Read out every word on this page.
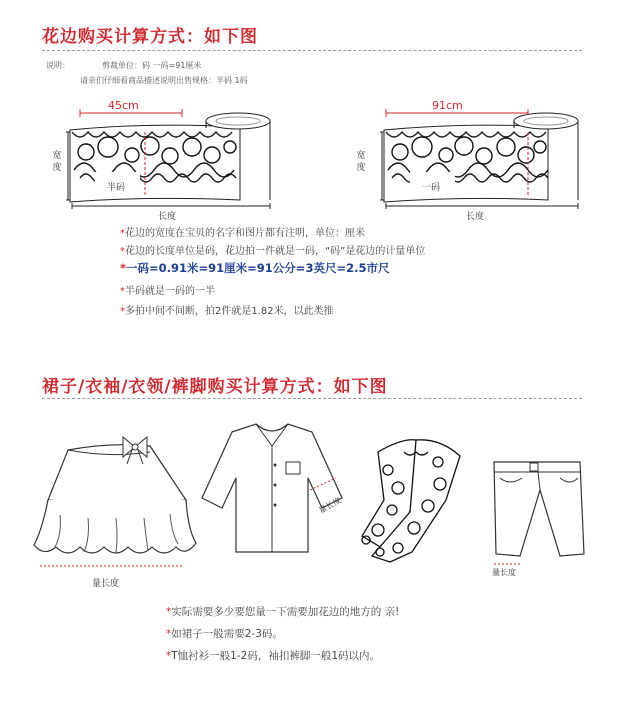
花边购买计算方式：如下图
说明：	剪裁单位：码 一码=91厘米
请亲们仔细看商品描述说明出售规格：半码 1码
45cm
宽度
半码
长度
91cm
宽度
一码
长度
*花边的宽度在宝贝的名字和图片都有注明，单位：厘米
*花边的长度单位是码，花边拍一件就是一码，“码”是花边的计量单位
*一码=0.91米=91厘米=91公分=3英尺=2.5市尺
*半码就是一码的一半
*多拍中间不间断，拍2件就是1.82米，以此类推
裙子/衣袖/衣领/裤脚购买计算方式：如下图
量长度
量长度
量长度
*实际需要多少要您量一下需要加花边的地方的 亲!
*如裙子一般需要2-3码。
*T恤衬衫一般1-2码，袖扣裤脚一般1码以内。
